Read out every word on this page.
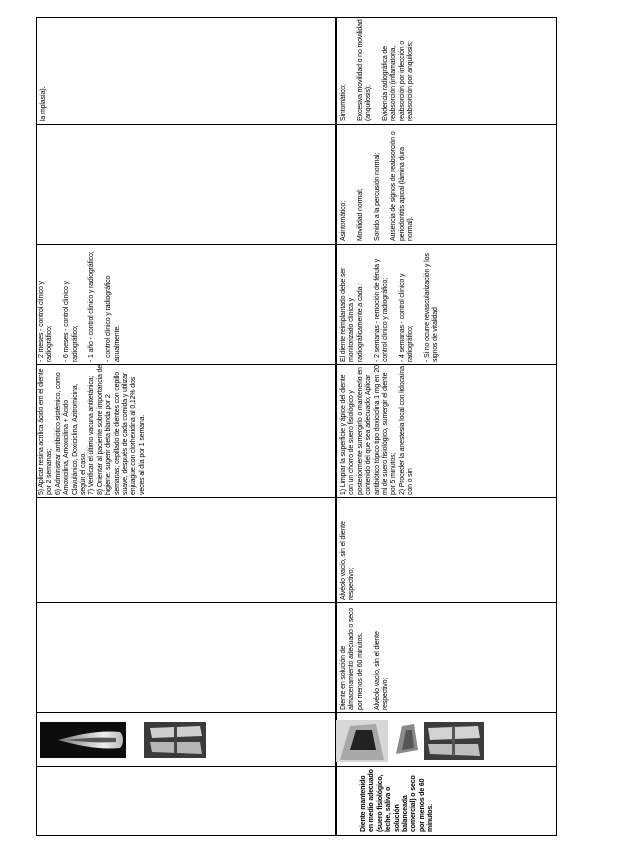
la mplasía).
- 2 meses - control clínico y radiográfico;

- 6 meses - control clínico y radiográfico;

- 1 año - control clínico y radiográfico;

- control clínico y radiográfico anualmente.
5) Aplicar resina acrílica ácido em el diente por 2 semanas;
6) Administrar antibiótico sistémico, como Amoxicilina, Amoxicilina + Ácido Clavulánico, Doxiciclina, Azitromicina, según el caso.
7) Verificar el último vacuna antitetánica;
8) Orientar al paciente sobre importancia de higiene: sugerir dieta blanda por 2 semanas; cepillado de dientes con cepillo suave, después de cada comida y utilizar enjuague con clorhexidina al 0,12% dos veces al día por 1 semana.
Sintomático;

Excesiva movilidad o no movilidad (anquilosis);

Evidencia radiográfica de reabsorción (inflamatoria, reabsorción por infección o reabsorción por anquilosis;
Asintomático;

Movilidad normal;

Sonido a la percusión normal;

Ausencia de signos de reabsorción o periodontitis apical (lámina dura normal).
El diente reimplantado debe ser monitorizado clínica y radiográficamente a cada :

- 2 semanas - remoción de férula y control clínico y radiográfico;

- 4 semanas - control clínico y radiográfico;

- Si no ocurre revascularización y los signos de vitalidad
1) Limpiar la superficie y ápice del diente con un chorro de suero fisiológico y posteriormente sumergirlo o mantenerlo en contenido del que sea adecuado; Aplicar antibiótico tópico tipo doxiciclina 1 mg en 20 ml de suero fisiológico, sumergir el diente por 5 minutos;
2) Proceder la anestesia local con lidocaína con o sin
Alvéolo vacío, sin el diente respectivo;
Diente en solución de almacenamiento adecuado o seco por menos de 60 minutos.

Alvéolo vacío, sin el diente respectivo;
Diente mantenido en medio adecuado (suero fisiológico, leche, saliva o solución balanceada comercial) o seco por menos de 60 minutos.
